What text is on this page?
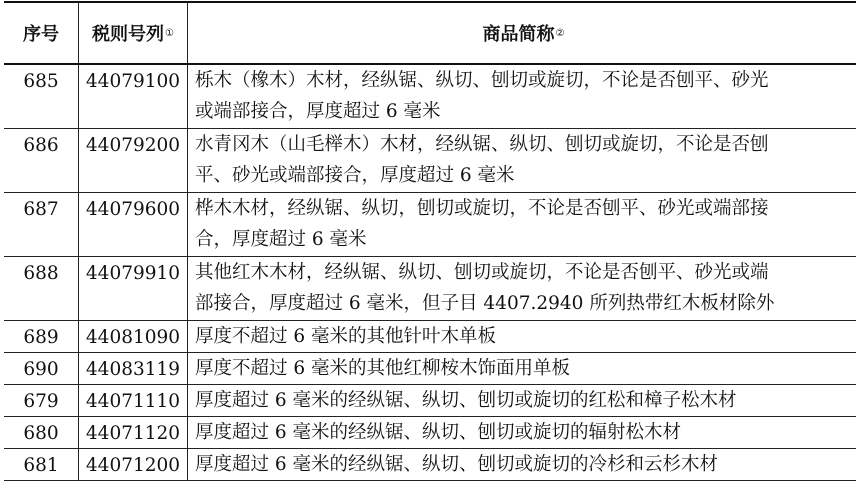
序号 税则号列 ①	商品简称 ②
685	44079100 栎木（橡木）木材，经纵锯、纵切、刨切或旋切，不论是否刨平、砂光
或端部接合，厚度超过 6 毫米
686	44079200 水青冈木（山毛榉木）木材，经纵锯、纵切、刨切或旋切，不论是否刨
平、砂光或端部接合，厚度超过 6 毫米
687	44079600 桦木木材，经纵锯、纵切，刨切或旋切，不论是否刨平、砂光或端部接
合，厚度超过 6 毫米
688	44079910 其他红木木材，经纵锯、纵切、刨切或旋切，不论是否刨平、砂光或端
部接合，厚度超过 6 毫米，但子目 4407.2940 所列热带红木板材除外
689	44081090 厚度不超过 6 毫米的其他针叶木单板
690	44083119 厚度不超过 6 毫米的其他红柳桉木饰面用单板
679	44071110 厚度超过 6 毫米的经纵锯、纵切、刨切或旋切的红松和樟子松木材
680	44071120 厚度超过 6 毫米的经纵锯、纵切、刨切或旋切的辐射松木材
681	44071200 厚度超过 6 毫米的经纵锯、纵切、刨切或旋切的冷杉和云杉木材
